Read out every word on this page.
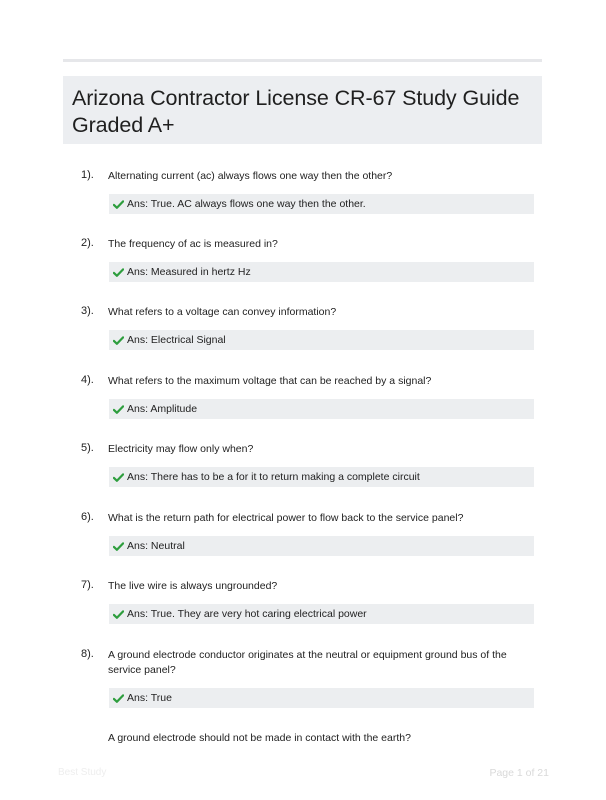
Arizona Contractor License CR-67 Study Guide Graded A+
1). Alternating current (ac) always flows one way then the other?
Ans: True. AC always flows one way then the other.
2). The frequency of ac is measured in?
Ans: Measured in hertz Hz
3). What refers to a voltage can convey information?
Ans: Electrical Signal
4). What refers to the maximum voltage that can be reached by a signal?
Ans: Amplitude
5). Electricity may flow only when?
Ans: There has to be a for it to return making a complete circuit
6). What is the return path for electrical power to flow back to the service panel?
Ans: Neutral
7). The live wire is always ungrounded?
Ans: True. They are very hot caring electrical power
8). A ground electrode conductor originates at the neutral or equipment ground bus of the service panel?
Ans: True
A ground electrode should not be made in contact with the earth?
Best Study	Page 1 of 21
